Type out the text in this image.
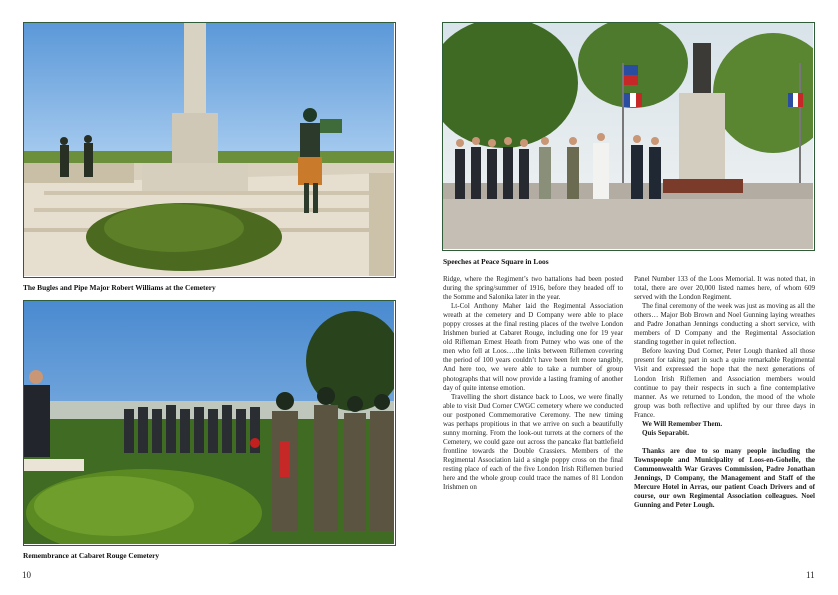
The Bugles and Pipe Major Robert Williams at the Cemetery
Remembrance at Cabaret Rouge Cemetery
10
Speeches at Peace Square in Loos

Ridge, where the Regiment’s two battalions had been posted during the spring/summer of 1916, before they headed off to the Somme and Salonika later in the year.

Lt-Col Anthony Maher laid the Regimental Association wreath at the cemetery and D Company were able to place poppy crosses at the final resting places of the twelve London Irishmen buried at Cabaret Rouge, including one for 19 year old Rifleman Ernest Heath from Putney who was one of the men who fell at Loos….the links between Riflemen covering the period of 100 years couldn’t have been felt more tangibly, And here too, we were able to take a number of group photographs that will now provide a lasting framing of another day of quite intense emotion.

Travelling the short distance back to Loos, we were finally able to visit Dud Corner CWGC cemetery where we conducted our postponed Commemorative Ceremony. The new timing was perhaps propitious in that we arrive on such a beautifully sunny morning. From the look-out turrets at the corners of the Cemetery, we could gaze out across the pancake flat battlefield frontline towards the Double Crassiers. Members of the Regimental Association laid a single poppy cross on the final resting place of each of the five London Irish Riflemen buried here and the whole group could trace the names of 81 London Irishmen on

Panel Number 133 of the Loos Memorial. It was noted that, in total, there are over 20,000 listed names here, of whom 609 served with the London Regiment.

The final ceremony of the week was just as moving as all the others… Major Bob Brown and Noel Gunning laying wreathes and Padre Jonathan Jennings conducting a short service, with members of D Company and the Regimental Association standing together in quiet reflection.

Before leaving Dud Corner, Peter Lough thanked all those present for taking part in such a quite remarkable Regimental Visit and expressed the hope that the next generations of London Irish Riflemen and Association members would continue to pay their respects in such a fine contemplative manner. As we returned to London, the mood of the whole group was both reflective and uplifted by our three days in France.

We Will Remember Them.

Quis Separabit.

Thanks are due to so many people including the Townspeople and Municipality of Loos-en-Gohelle, the Commonwealth War Graves Commission, Padre Jonathan Jennings, D Company, the Management and Staff of the Mercure Hotel in Arras, our patient Coach Drivers and of course, our own Regimental Association colleagues. Noel Gunning and Peter Lough.

11
